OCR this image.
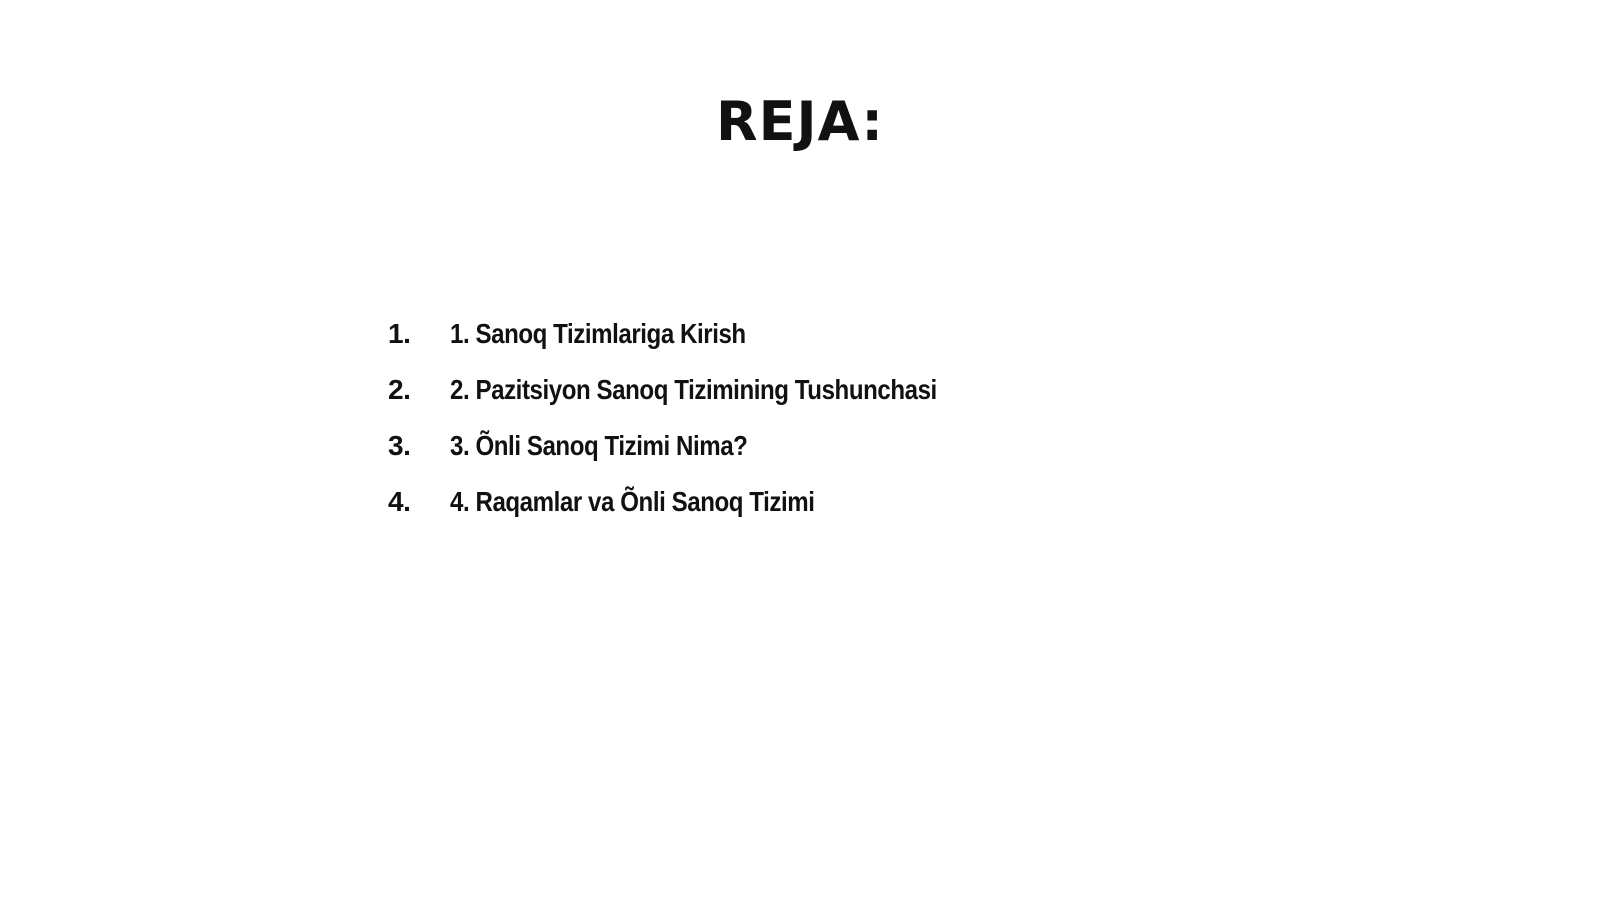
REJA:
1.	1. Sanoq Tizimlariga Kirish
2.	2. Pazitsiyon Sanoq Tizimining Tushunchasi
3.	3. Õnli Sanoq Tizimi Nima?
4.	4. Raqamlar va Õnli Sanoq Tizimi
